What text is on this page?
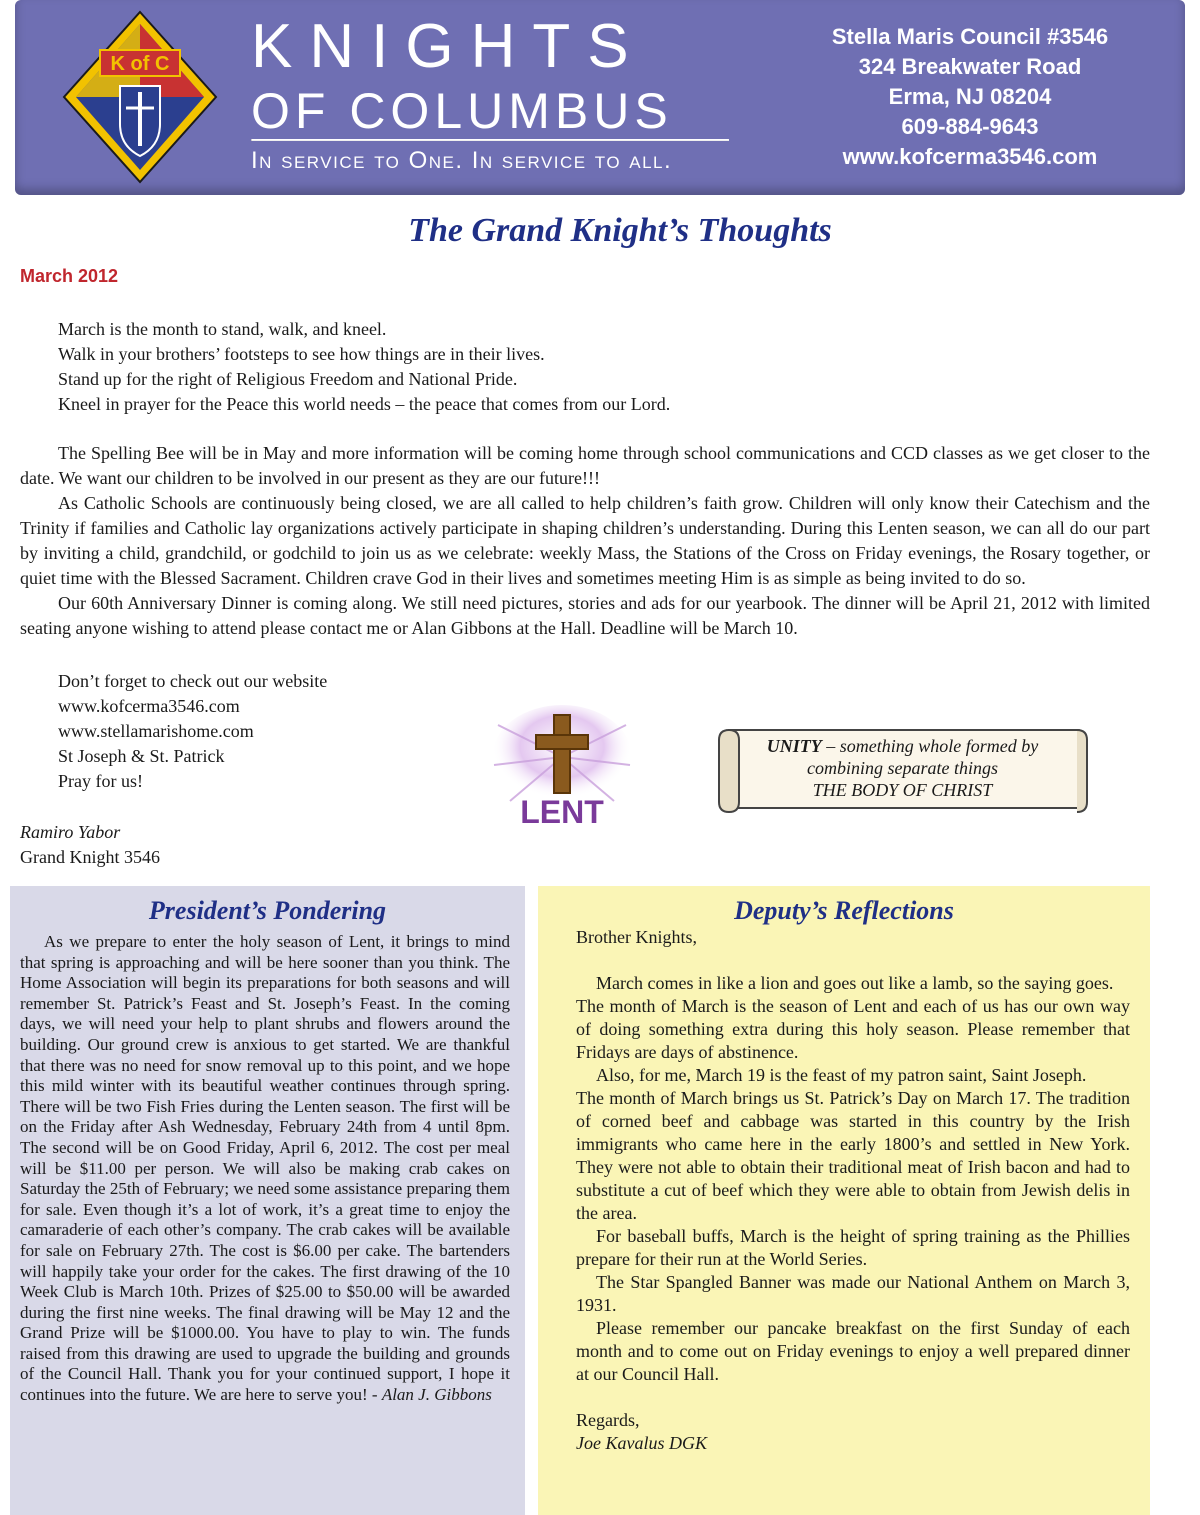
K of C KNIGHTS
OF COLUMBUS
In service to One. In service to all.
Stella Maris Council #3546
324 Breakwater Road
Erma, NJ 08204
609-884-9643
www.kofcerma3546.com
The Grand Knight’s Thoughts
March 2012
March is the month to stand, walk, and kneel.
Walk in your brothers’ footsteps to see how things are in their lives.
Stand up for the right of Religious Freedom and National Pride.
Kneel in prayer for the Peace this world needs – the peace that comes from our Lord.

The Spelling Bee will be in May and more information will be coming home through school communications and CCD classes as we get closer to the date. We want our children to be involved in our present as they are our future!!!

As Catholic Schools are continuously being closed, we are all called to help children’s faith grow. Children will only know their Catechism and the Trinity if families and Catholic lay organizations actively participate in shaping children’s understanding. During this Lenten season, we can all do our part by inviting a child, grandchild, or godchild to join us as we celebrate: weekly Mass, the Stations of the Cross on Friday evenings, the Rosary together, or quiet time with the Blessed Sacrament. Children crave God in their lives and sometimes meeting Him is as simple as being invited to do so.

Our 60th Anniversary Dinner is coming along. We still need pictures, stories and ads for our yearbook. The dinner will be April 21, 2012 with limited seating anyone wishing to attend please contact me or Alan Gibbons at the Hall. Deadline will be March 10.

Don’t forget to check out our website
www.kofcerma3546.com
www.stellamarishome.com
St Joseph & St. Patrick
Pray for us!
Ramiro Yabor
Grand Knight 3546
LENT
UNITY – something whole formed by
combining separate things
THE BODY OF CHRIST
President’s Pondering

As we prepare to enter the holy season of Lent, it brings to mind that spring is approaching and will be here sooner than you think. The Home Association will begin its preparations for both seasons and will remember St. Patrick’s Feast and St. Joseph’s Feast. In the coming days, we will need your help to plant shrubs and flowers around the building. Our ground crew is anxious to get started. We are thankful that there was no need for snow removal up to this point, and we hope this mild winter with its beautiful weather continues through spring. There will be two Fish Fries during the Lenten season. The first will be on the Friday after Ash Wednesday, February 24th from 4 until 8pm. The second will be on Good Friday, April 6, 2012. The cost per meal will be $11.00 per person. We will also be making crab cakes on Saturday the 25th of February; we need some assistance preparing them for sale. Even though it’s a lot of work, it’s a great time to enjoy the camaraderie of each other’s company. The crab cakes will be available for sale on February 27th. The cost is $6.00 per cake. The bartenders will happily take your order for the cakes. The first drawing of the 10 Week Club is March 10th. Prizes of $25.00 to $50.00 will be awarded during the first nine weeks. The final drawing will be May 12 and the Grand Prize will be $1000.00. You have to play to win. The funds raised from this drawing are used to upgrade the building and grounds of the Council Hall. Thank you for your continued support, I hope it continues into the future. We are here to serve you! - Alan J. Gibbons

Deputy’s Reflections

Brother Knights,

March comes in like a lion and goes out like a lamb, so the saying goes.

The month of March is the season of Lent and each of us has our own way of doing something extra during this holy season. Please remember that Fridays are days of abstinence.

Also, for me, March 19 is the feast of my patron saint, Saint Joseph.

The month of March brings us St. Patrick’s Day on March 17. The tradition of corned beef and cabbage was started in this country by the Irish immigrants who came here in the early 1800’s and settled in New York. They were not able to obtain their traditional meat of Irish bacon and had to substitute a cut of beef which they were able to obtain from Jewish delis in the area.

For baseball buffs, March is the height of spring training as the Phillies prepare for their run at the World Series.

The Star Spangled Banner was made our National Anthem on March 3, 1931.

Please remember our pancake breakfast on the first Sunday of each month and to come out on Friday evenings to enjoy a well prepared dinner at our Council Hall.

Regards,

Joe Kavalus DGK
